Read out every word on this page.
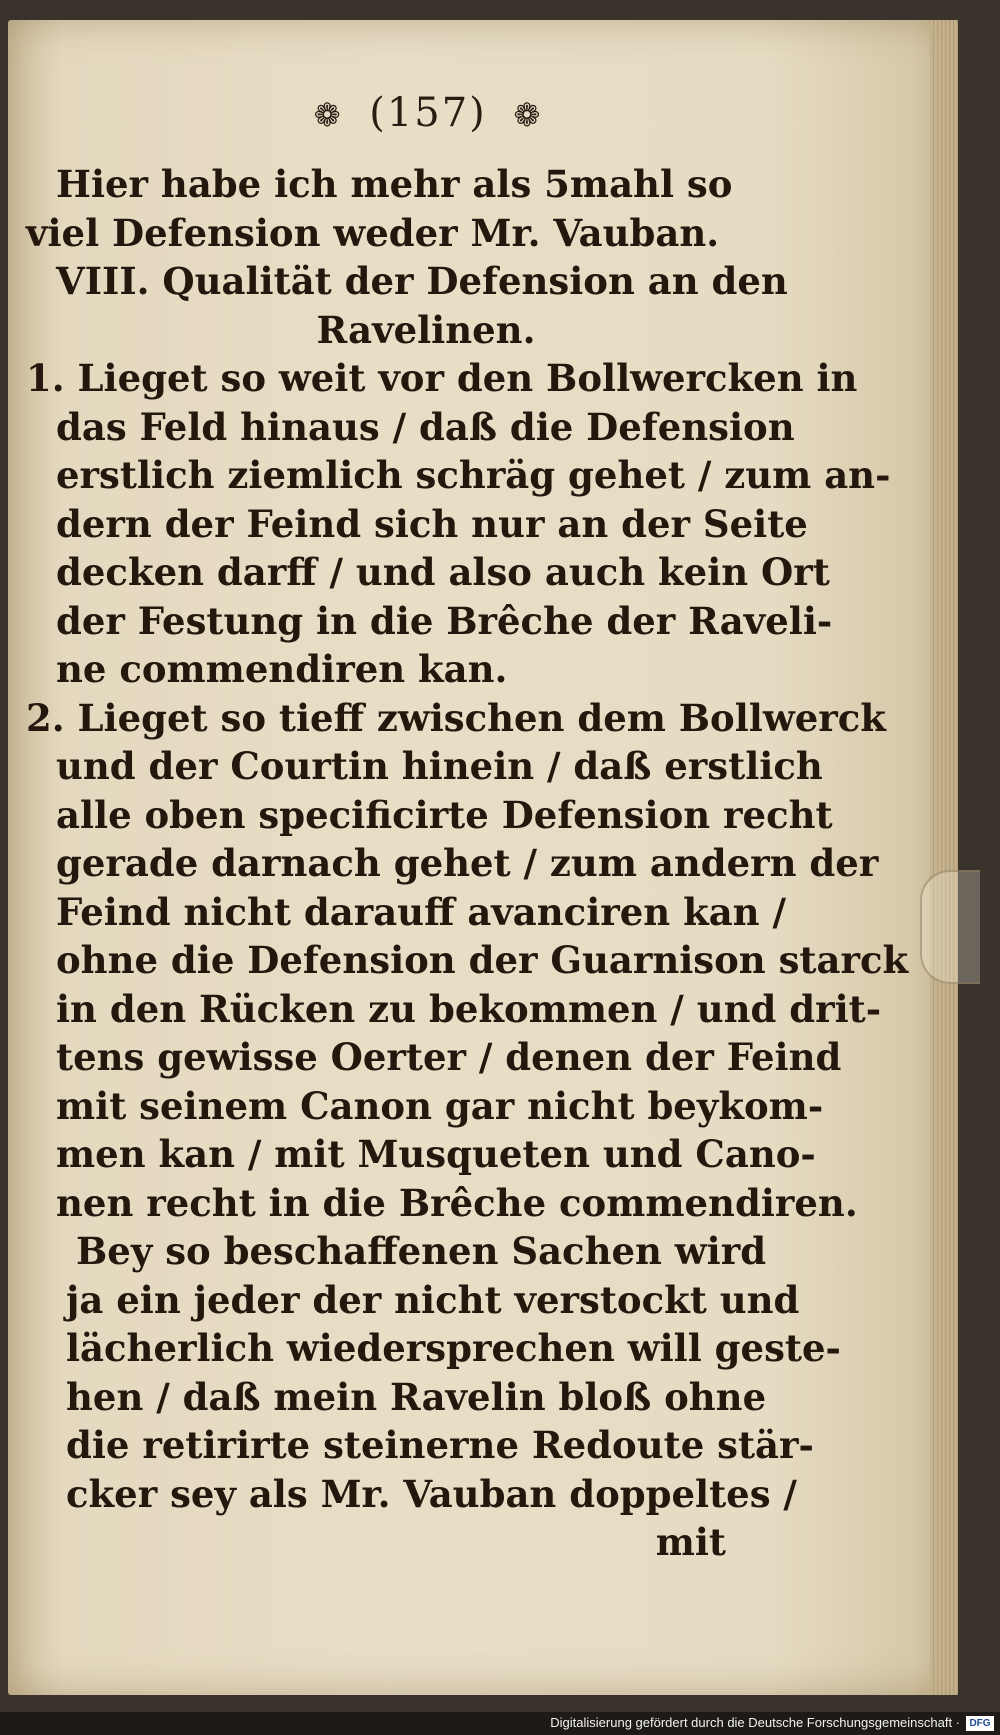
❁ (157) ❁
Hier habe ich mehr als 5mahl so
viel Defension weder Mr. Vauban.
VIII. Qualität der Defension an den
Ravelinen.
1. Lieget so weit vor den Bollwercken in
das Feld hinaus / daß die Defension
erstlich ziemlich schräg gehet / zum an-
dern der Feind sich nur an der Seite
decken darff / und also auch kein Ort
der Festung in die Brêche der Raveli-
ne commendiren kan.
2. Lieget so tieff zwischen dem Bollwerck
und der Courtin hinein / daß erstlich
alle oben specificirte Defension recht
gerade darnach gehet / zum andern der
Feind nicht darauff avanciren kan /
ohne die Defension der Guarnison starck
in den Rücken zu bekommen / und drit-
tens gewisse Oerter / denen der Feind
mit seinem Canon gar nicht beykom-
men kan / mit Musqueten und Cano-
nen recht in die Brêche commendiren.
Bey so beschaffenen Sachen wird
ja ein jeder der nicht verstockt und
lächerlich wiedersprechen will geste-
hen / daß mein Ravelin bloß ohne
die retirirte steinerne Redoute stär-
cker sey als Mr. Vauban doppeltes /
mit
Digitalisierung gefördert durch die Deutsche Forschungsgemeinschaft · DFG
